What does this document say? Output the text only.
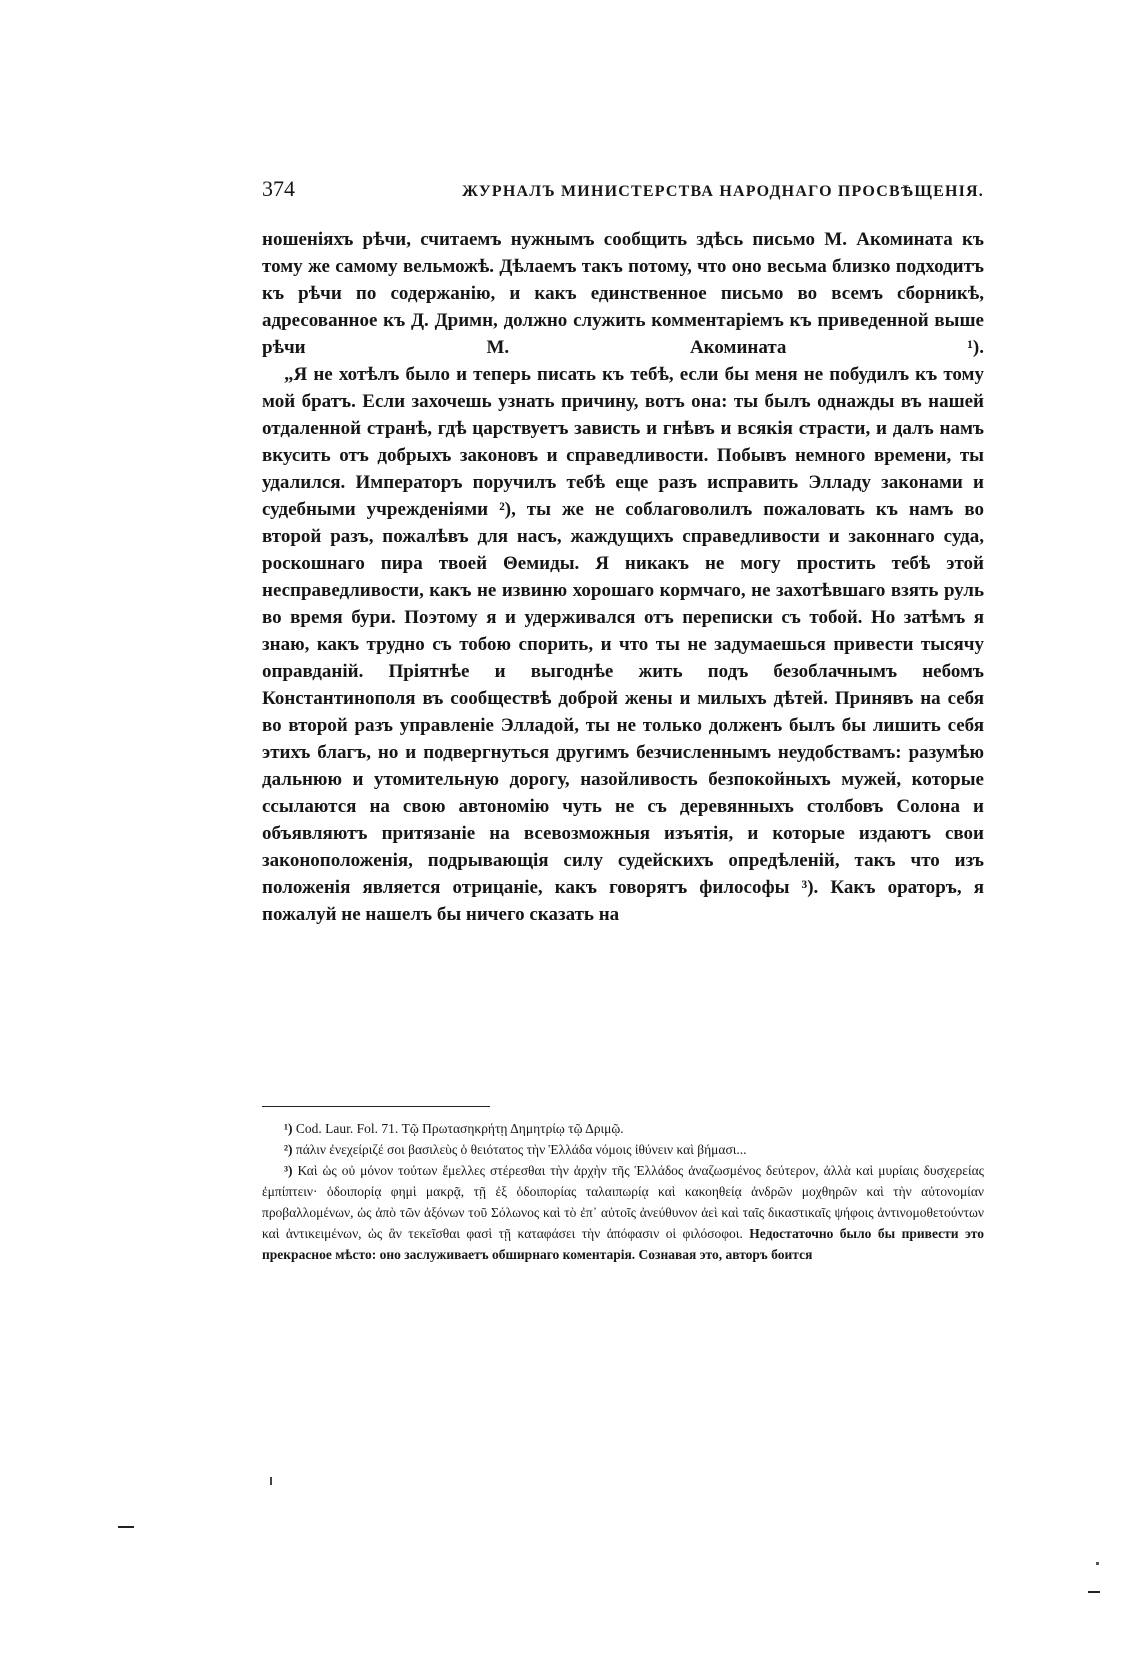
374	ЖУРНАЛЪ МИНИСТЕРСТВА НАРОДНАГО ПРОСВѢЩЕНІЯ.

ношеніяхъ рѣчи, считаемъ нужнымъ сообщить здѣсь письмо М. Акомината къ тому же самому вельможѣ. Дѣлаемъ такъ потому, что оно весьма близко подходитъ къ рѣчи по содержанію, и какъ единственное письмо во всемъ сборникѣ, адресованное къ Д. Дримн, должно служить комментаріемъ къ приведенной выше рѣчи М. Акомината ¹).

„Я не хотѣлъ было и теперь писать къ тебѣ, если бы меня не побудилъ къ тому мой братъ. Если захочешь узнать причину, вотъ она: ты былъ однажды въ нашей отдаленной странѣ, гдѣ царствуетъ зависть и гнѣвъ и всякія страсти, и далъ намъ вкусить отъ добрыхъ законовъ и справедливости. Побывъ немного времени, ты удалился. Императоръ поручилъ тебѣ еще разъ исправить Элладу законами и судебными учрежденіями ²), ты же не соблаговолилъ пожаловать къ намъ во второй разъ, пожалѣвъ для насъ, жаждущихъ справедливости и законнаго суда, роскошнаго пира твоей Θемиды. Я никакъ не могу простить тебѣ этой несправедливости, какъ не извиню хорошаго кормчаго, не захотѣвшаго взять руль во время бури. Поэтому я и удерживался отъ переписки съ тобой. Но затѣмъ я знаю, какъ трудно съ тобою спорить, и что ты не задумаешься привести тысячу оправданій. Пріятнѣе и выгоднѣе жить подъ безоблачнымъ небомъ Константинополя въ сообществѣ доброй жены и милыхъ дѣтей. Принявъ на себя во второй разъ управленіе Элладой, ты не только долженъ былъ бы лишить себя этихъ благъ, но и подвергнуться другимъ безчисленнымъ неудобствамъ: разумѣю дальнюю и утомительную дорогу, назойливость безпокойныхъ мужей, которые ссылаются на свою автономію чуть не съ деревянныхъ столбовъ Солона и объявляютъ притязаніе на всевозможныя изъятія, и которые издаютъ свои законоположенія, подрывающія силу судейскихъ опредѣленій, такъ что изъ положенія является отрицаніе, какъ говорятъ философы ³). Какъ ораторъ, я пожалуй не нашелъ бы ничего сказать на

¹) Cod. Laur. Fol. 71. Τῷ Πρωτασηκρήτῃ Δημητρίῳ τῷ Δριμῷ.

²) πάλιν ἐνεχείριζέ σοι βασιλεὺς ὁ θειότατος τὴν Ἑλλάδα νόμοις ἰθύνειν καὶ βήμασι...

³) Καὶ ὡς οὐ μόνον τούτων ἔμελλες στέρεσθαι τὴν ἀρχὴν τῆς Ἑλλάδος ἀναζωσμένος δεύτερον, ἀλλὰ καὶ μυρίαις δυσχερείας ἐμπίπτειν· ὁδοιπορίᾳ φημὶ μακρᾷ, τῇ ἐξ ὁδοιπορίας ταλαιπωρίᾳ καὶ κακοηθείᾳ ἀνδρῶν μοχθηρῶν καὶ τὴν αὐτονομίαν προβαλλομένων, ὡς ἀπὸ τῶν ἀξόνων τοῦ Σόλωνος καὶ τὸ ἐπ᾽ αὐτοῖς ἀνεύθυνον ἀεὶ καὶ ταῖς δικαστικαῖς ψήφοις ἀντινομοθετούντων καὶ ἀντικειμένων, ὡς ἂν τεκεῖσθαι φασὶ τῇ καταφάσει τὴν ἀπόφασιν οἱ φιλόσοφοι. Недостаточно было бы привести это прекрасное мѣсто: оно заслуживаетъ обширнаго коментарія. Сознавая это, авторъ боится
